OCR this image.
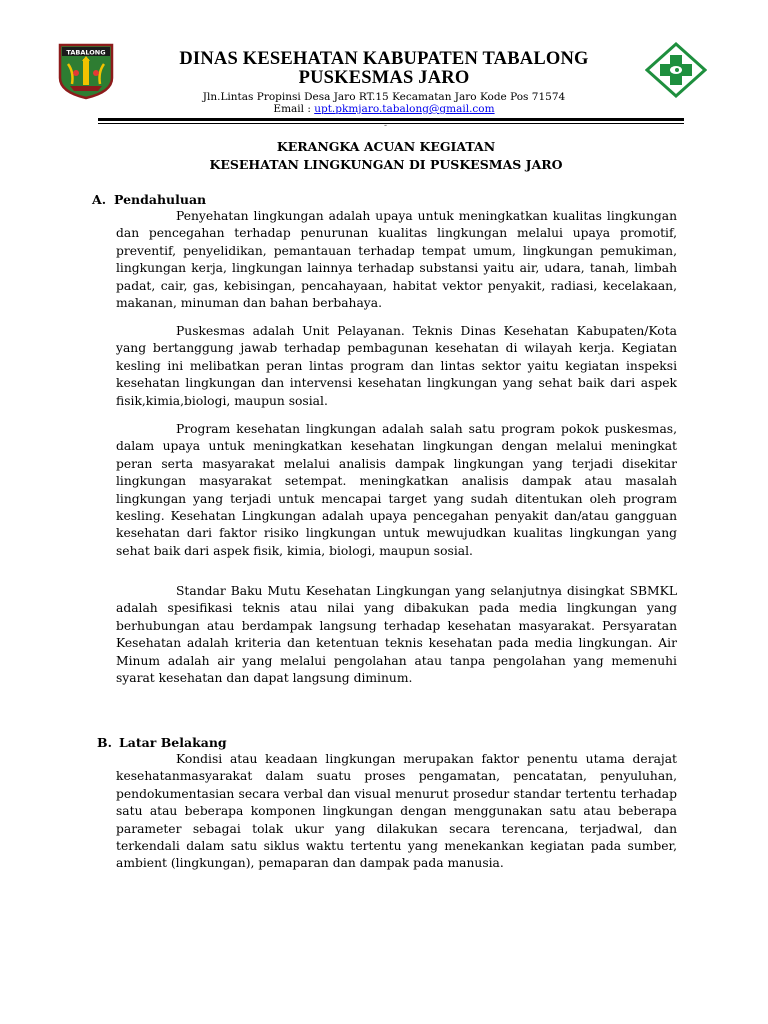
TABALONG	DINAS KESEHATAN KABUPATEN TABALONG
PUSKESMAS JARO
Jln.Lintas Propinsi Desa Jaro RT.15 Kecamatan Jaro Kode Pos 71574
Email : upt.pkmjaro.tabalong@gmail.com
-
KERANGKA ACUAN KEGIATAN
KESEHATAN LINGKUNGAN DI PUSKESMAS JARO
A. Pendahuluan

Penyehatan lingkungan adalah upaya untuk meningkatkan kualitas lingkungan dan pencegahan terhadap penurunan kualitas lingkungan melalui upaya promotif, preventif, penyelidikan, pemantauan terhadap tempat umum, lingkungan pemukiman, lingkungan kerja, lingkungan lainnya terhadap substansi yaitu air, udara, tanah, limbah padat, cair, gas, kebisingan, pencahayaan, habitat vektor penyakit, radiasi, kecelakaan, makanan, minuman dan bahan berbahaya.

Puskesmas adalah Unit Pelayanan. Teknis Dinas Kesehatan Kabupaten/Kota yang bertanggung jawab terhadap pembagunan kesehatan di wilayah kerja. Kegiatan kesling ini melibatkan peran lintas program dan lintas sektor yaitu kegiatan inspeksi kesehatan lingkungan dan intervensi kesehatan lingkungan yang sehat baik dari aspek fisik,kimia,biologi, maupun sosial.

Program kesehatan lingkungan adalah salah satu program pokok puskesmas, dalam upaya untuk meningkatkan kesehatan lingkungan dengan melalui meningkat peran serta masyarakat melalui analisis dampak lingkungan yang terjadi disekitar lingkungan masyarakat setempat. meningkatkan analisis dampak atau masalah lingkungan yang terjadi untuk mencapai target yang sudah ditentukan oleh program kesling. Kesehatan Lingkungan adalah upaya pencegahan penyakit dan/atau gangguan kesehatan dari faktor risiko lingkungan untuk mewujudkan kualitas lingkungan yang sehat baik dari aspek fisik, kimia, biologi, maupun sosial.

Standar Baku Mutu Kesehatan Lingkungan yang selanjutnya disingkat SBMKL adalah spesifikasi teknis atau nilai yang dibakukan pada media lingkungan yang berhubungan atau berdampak langsung terhadap kesehatan masyarakat. Persyaratan Kesehatan adalah kriteria dan ketentuan teknis kesehatan pada media lingkungan. Air Minum adalah air yang melalui pengolahan atau tanpa pengolahan yang memenuhi syarat kesehatan dan dapat langsung diminum.

B. Latar Belakang

Kondisi atau keadaan lingkungan merupakan faktor penentu utama derajat kesehatanmasyarakat dalam suatu proses pengamatan, pencatatan, penyuluhan, pendokumentasian secara verbal dan visual menurut prosedur standar tertentu terhadap satu atau beberapa komponen lingkungan dengan menggunakan satu atau beberapa parameter sebagai tolak ukur yang dilakukan secara terencana, terjadwal, dan terkendali dalam satu siklus waktu tertentu yang menekankan kegiatan pada sumber, ambient (lingkungan), pemaparan dan dampak pada manusia.
